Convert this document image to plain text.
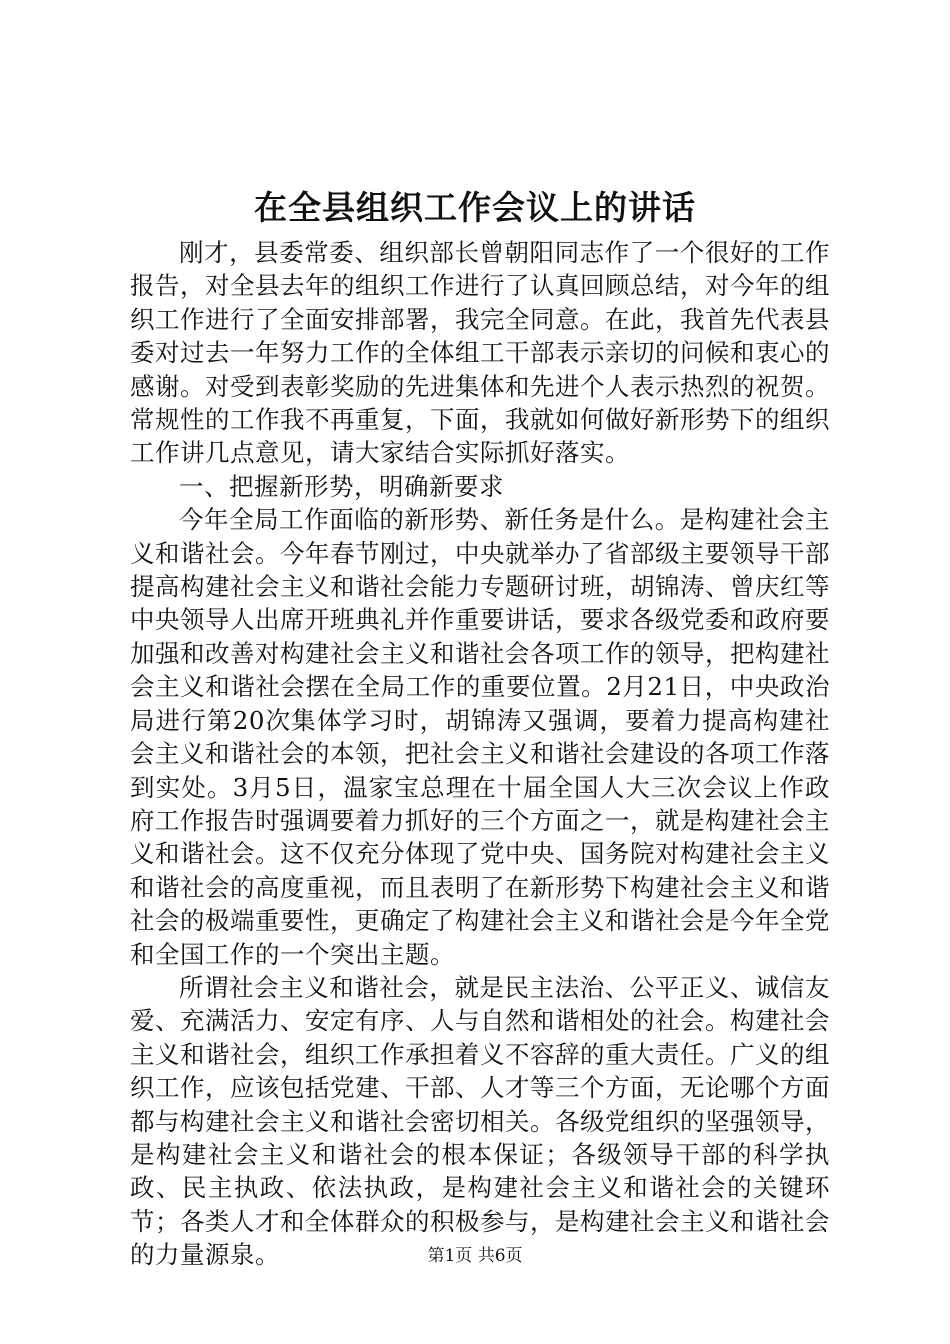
在全县组织工作会议上的讲话

刚才，县委常委、组织部长曾朝阳同志作了一个很好的工作报告，对全县去年的组织工作进行了认真回顾总结，对今年的组织工作进行了全面安排部署，我完全同意。在此，我首先代表县委对过去一年努力工作的全体组工干部表示亲切的问候和衷心的感谢。对受到表彰奖励的先进集体和先进个人表示热烈的祝贺。常规性的工作我不再重复，下面，我就如何做好新形势下的组织工作讲几点意见，请大家结合实际抓好落实。

一、把握新形势，明确新要求

今年全局工作面临的新形势、新任务是什么。是构建社会主义和谐社会。今年春节刚过，中央就举办了省部级主要领导干部提高构建社会主义和谐社会能力专题研讨班，胡锦涛、曾庆红等中央领导人出席开班典礼并作重要讲话，要求各级党委和政府要加强和改善对构建社会主义和谐社会各项工作的领导，把构建社会主义和谐社会摆在全局工作的重要位置。2月21日，中央政治局进行第20次集体学习时，胡锦涛又强调，要着力提高构建社会主义和谐社会的本领，把社会主义和谐社会建设的各项工作落到实处。3月5日，温家宝总理在十届全国人大三次会议上作政府工作报告时强调要着力抓好的三个方面之一，就是构建社会主义和谐社会。这不仅充分体现了党中央、国务院对构建社会主义和谐社会的高度重视，而且表明了在新形势下构建社会主义和谐社会的极端重要性，更确定了构建社会主义和谐社会是今年全党和全国工作的一个突出主题。

所谓社会主义和谐社会，就是民主法治、公平正义、诚信友爱、充满活力、安定有序、人与自然和谐相处的社会。构建社会主义和谐社会，组织工作承担着义不容辞的重大责任。广义的组织工作，应该包括党建、干部、人才等三个方面，无论哪个方面都与构建社会主义和谐社会密切相关。各级党组织的坚强领导，是构建社会主义和谐社会的根本保证；各级领导干部的科学执政、民主执政、依法执政，是构建社会主义和谐社会的关键环节；各类人才和全体群众的积极参与，是构建社会主义和谐社会的力量源泉。	第1页 共6页
